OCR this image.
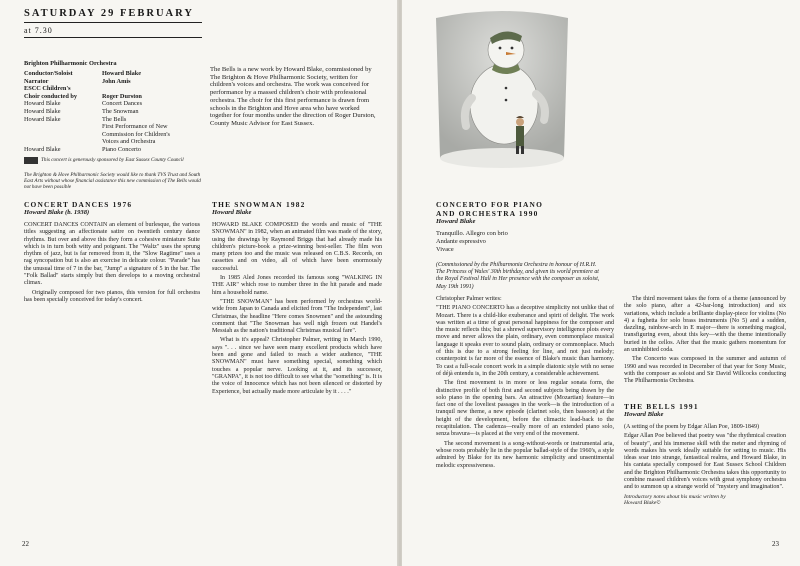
SATURDAY 29 FEBRUARY
at 7.30
Brighton Philharmonic Orchestra
Conductor/Soloist	Howard Blake
Narrator	John Amis
ESCC Children's
Choir conducted by	Roger Durston
Howard Blake	Concert Dances
Howard Blake	The Snowman
Howard Blake	The Bells
First Performance of New
Commission for Children's
Voices and Orchestra
Howard Blake	Piano Concerto
This concert is generously sponsored by East Sussex County Council
The Brighton & Hove Philharmonic Society would like to thank TVS Trust and South East Arts without whose financial assistance this new commission of The Bells would not have been possible
The Bells is a new work by Howard Blake, commissioned by The Brighton & Hove Philharmonic Society, written for children's voices and orchestra. The work was conceived for performance by a massed children's choir with professional orchestra. The choir for this first performance is drawn from schools in the Brighton and Hove area who have worked together for four months under the direction of Roger Durston, County Music Advisor for East Sussex.
CONCERT DANCES 1976
Howard Blake (b. 1938)

CONCERT DANCES CONTAIN an element of burlesque, the various titles suggesting an affectionate satire on twentieth century dance rhythms. But over and above this they form a cohesive miniature Suite which is in turn both witty and poignant. The "Waltz" uses the sprung rhythm of jazz, but is far removed from it, the "Slow Ragtime" uses a rag syncopation but is also an exercise in delicate colour. "Parade" has the unusual time of 7 in the bar, "Jump" a signature of 5 in the bar. The "Folk Ballad" starts simply but then develops to a moving orchestral climax.

Originally composed for two pianos, this version for full orchestra has been specially conceived for today's concert.

THE SNOWMAN 1982
Howard Blake

HOWARD BLAKE COMPOSED the words and music of "THE SNOWMAN" in 1982, when an animated film was made of the story, using the drawings by Raymond Briggs that had already made his children's picture-book a prize-winning best-seller. The film won many prizes too and the music was released on C.B.S. Records, on cassettes and on video, all of which have been enormously successful.

In 1985 Aled Jones recorded its famous song "WALKING IN THE AIR" which rose to number three in the hit parade and made him a household name.

"THE SNOWMAN" has been performed by orchestras world-wide from Japan to Canada and elicited from "The Independent", last Christmas, the headline "Here comes Snowmen" and the astounding comment that "The Snowman has well nigh frozen out Handel's Messiah as the nation's traditional Christmas musical fare".

What is it's appeal? Christopher Palmer, writing in March 1990, says ". . . since we have seen many excellent products which have been and gone and failed to reach a wider audience, "THE SNOWMAN" must have something special, something which touches a popular nerve. Looking at it, and its successor, "GRANPA", it is not too difficult to see what the "something" is. It is the voice of Innocence which has not been silenced or distorted by Experience, but actually made more articulate by it . . . ."

22
CONCERTO FOR PIANO
AND ORCHESTRA 1990
Howard Blake
Tranquillo. Allegro con brio
Andante espressivo
Vivace
(Commissioned by the Philharmonia Orchestra in honour of H.R.H. The Princess of Wales' 30th birthday, and given its world premiere at the Royal Festival Hall in Her presence with the composer as soloist, May 19th 1991)

Christopher Palmer writes:

"THE PIANO CONCERTO has a deceptive simplicity not unlike that of Mozart. There is a child-like exuberance and spirit of delight. The work was written at a time of great personal happiness for the composer and the music reflects this; but a shrewd supervisory intelligence plots every move and never allows the plain, ordinary, even commonplace musical language it speaks ever to sound plain, ordinary or commonplace. Much of this is due to a strong feeling for line, and not just melody; counterpoint is far more of the essence of Blake's music than harmony. To cast a full-scale concert work in a simple diatonic style with no sense of déjà entendu is, in the 20th century, a considerable achievement.

The first movement is in more or less regular sonata form, the distinctive profile of both first and second subjects being drawn by the solo piano in the opening bars. An attractive (Mozartian) feature—in fact one of the loveliest passages in the work—is the introduction of a tranquil new theme, a new episode (clarinet solo, then bassoon) at the height of the development, before the climactic lead-back to the recapitulation. The cadenza—really more of an extended piano solo, senza bravura—is placed at the very end of the movement.

The second movement is a song-without-words or instrumental aria, whose roots probably lie in the popular ballad-style of the 1960's, a style admired by Blake for its new harmonic simplicity and unsentimental melodic expressiveness.

The third movement takes the form of a theme (announced by the solo piano, after a 42-bar-long introduction) and six variations, which include a brilliante display-piece for violins (No 4) a fughetta for solo brass instruments (No 5) and a sudden, dazzling, rainbow-arch in E major—there is something magical, transfiguring even, about this key—with the theme intentionally buried in the cellos. After that the music gathers momentum for an uninhibited coda.

The Concerto was composed in the summer and autumn of 1990 and was recorded in December of that year for Sony Music, with the composer as soloist and Sir David Willcocks conducting The Philharmonia Orchestra.

THE BELLS 1991
Howard Blake

(A setting of the poem by Edgar Allan Poe, 1809-1849)

Edgar Allan Poe believed that poetry was "the rhythmical creation of beauty", and his immense skill with the meter and rhyming of words makes his work ideally suitable for setting to music. His ideas soar into strange, fantastical realms, and Howard Blake, in his cantata specially composed for East Sussex School Children and the Brighton Philharmonic Orchestra takes this opportunity to combine massed children's voices with great symphony orchestra and to summon up a strange world of "mystery and imagination".

Introductory notes about his music written by Howard Blake©
23
